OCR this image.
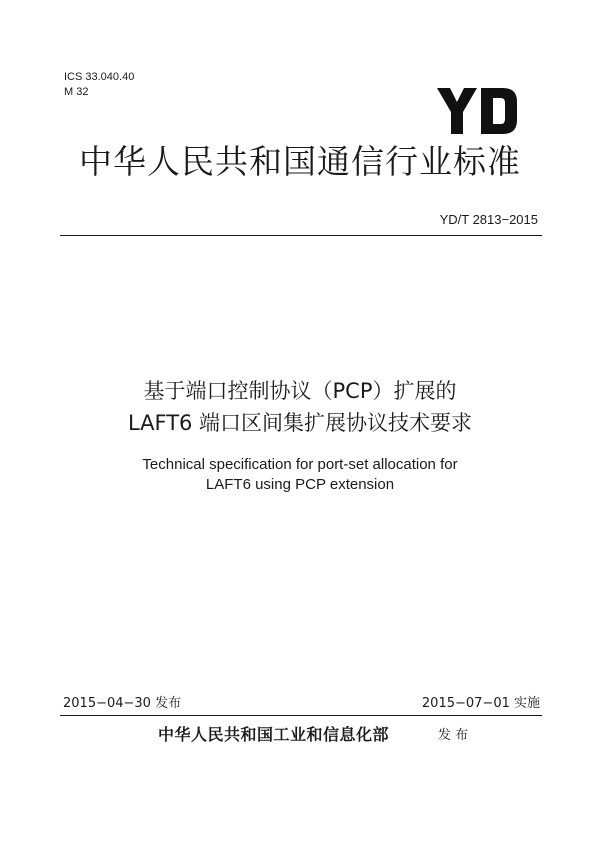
ICS 33.040.40
M 32
中华人民共和国通信行业标准
YD/T 2813−2015
基于端口控制协议（PCP）扩展的
LAFT6 端口区间集扩展协议技术要求
Technical specification for port-set allocation for
LAFT6 using PCP extension
2015−04−30 发布	2015−07−01 实施
中华人民共和国工业和信息化部	发 布
